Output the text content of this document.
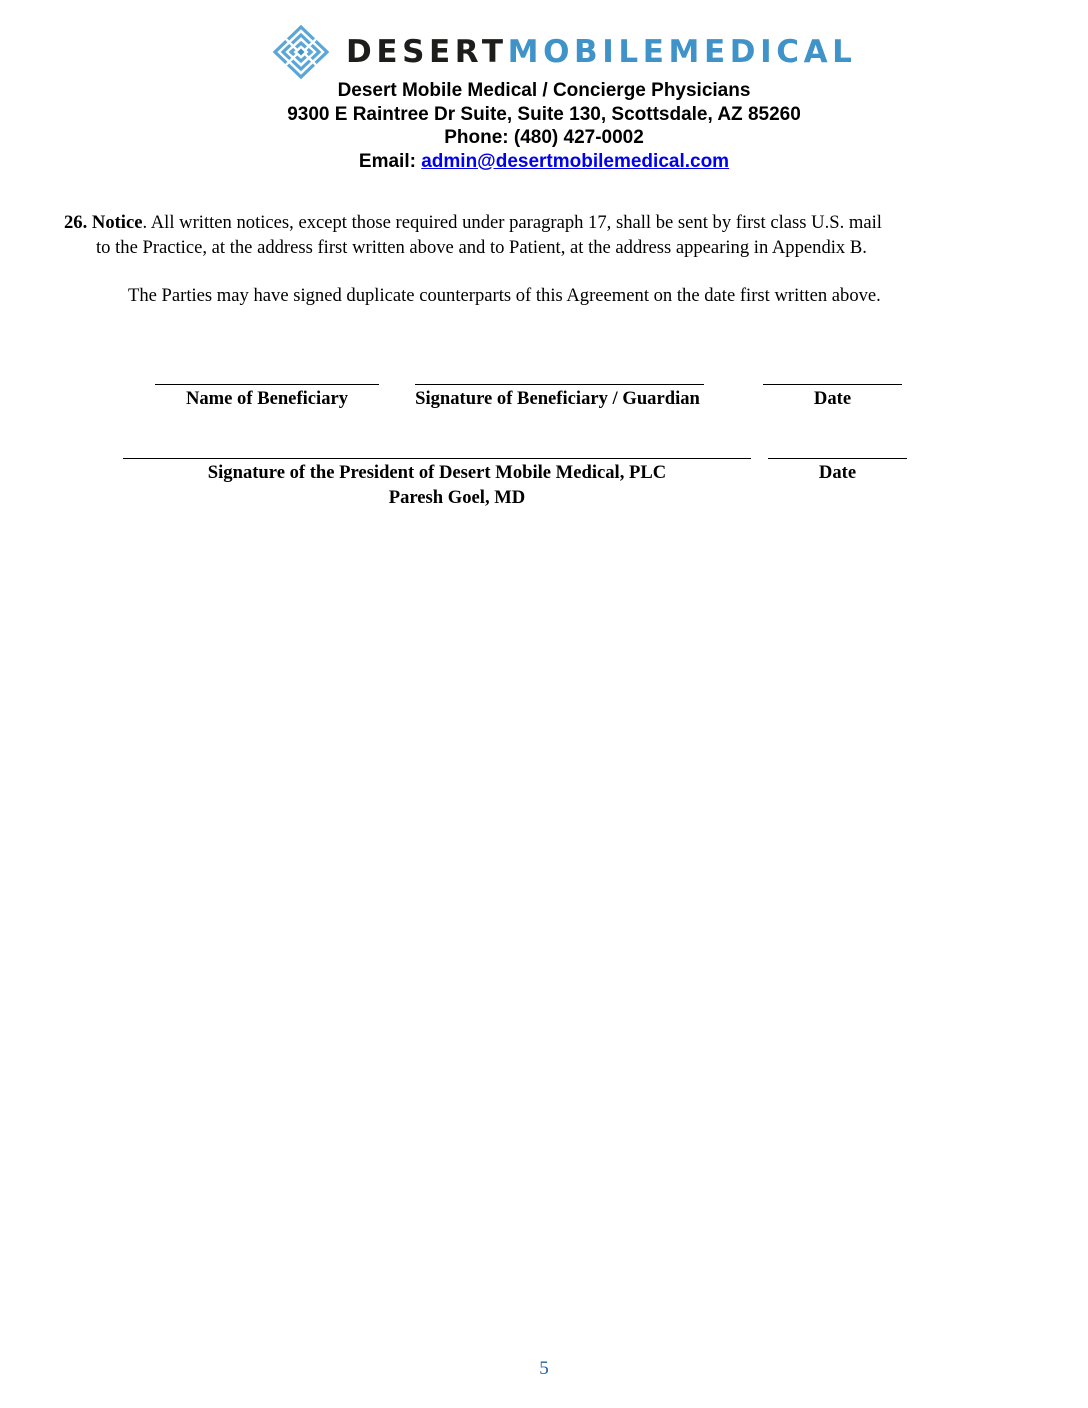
DESERTMOBILEMEDICAL
Desert Mobile Medical / Concierge Physicians
9300 E Raintree Dr Suite, Suite 130, Scottsdale, AZ 85260
Phone: (480) 427-0002
Email: admin@desertmobilemedical.com
26. Notice. All written notices, except those required under paragraph 17, shall be sent by first class U.S. mail
to the Practice, at the address first written above and to Patient, at the address appearing in Appendix B.
The Parties may have signed duplicate counterparts of this Agreement on the date first written above.
Name of Beneficiary	Signature of Beneficiary / Guardian	Date
Signature of the President of Desert Mobile Medical, PLC	Date
Paresh Goel, MD
5
